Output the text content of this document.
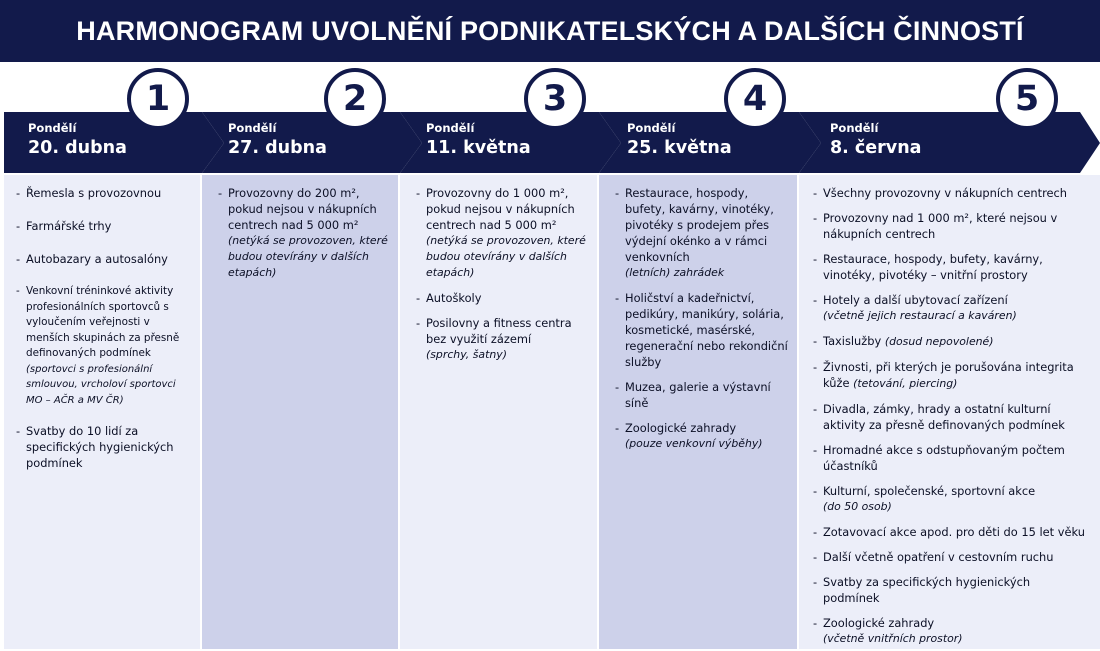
HARMONOGRAM UVOLNĚNÍ PODNIKATELSKÝCH A DALŠÍCH ČINNOSTÍ
1
Pondělí
20. dubna
- Řemesla s provozovnou
- Farmářské trhy
- Autobazary a autosalóny
- Venkovní tréninkové aktivity profesionálních sportovců s vyloučením veřejnosti v menších skupinách za přesně definovaných podmínek
(sportovci s profesionální smlouvou, vrcholoví sportovci MO – AČR a MV ČR)
- Svatby do 10 lidí za specifických hygienických podmínek
2
Pondělí
27. dubna
- Provozovny do 200 m², pokud nejsou v nákupních centrech nad 5 000 m²
(netýká se provozoven, které budou otevírány v dalších etapách)
3
Pondělí
11. května
- Provozovny do 1 000 m², pokud nejsou v nákupních centrech nad 5 000 m²
(netýká se provozoven, které budou otevírány v dalších etapách)
- Autoškoly
- Posilovny a fitness centra bez využití zázemí
(sprchy, šatny)
4
Pondělí
25. května
- Restaurace, hospody, bufety, kavárny, vinotéky, pivotéky s prodejem přes výdejní okénko a v rámci venkovních
(letních) zahrádek
- Holičství a kadeřnictví, pedikúry, manikúry, solária, kosmetické, masérské, regenerační nebo rekondiční služby
- Muzea, galerie a výstavní síně
- Zoologické zahrady
(pouze venkovní výběhy)
5
Pondělí
8. června
- Všechny provozovny v nákupních centrech
- Provozovny nad 1 000 m², které nejsou v nákupních centrech
- Restaurace, hospody, bufety, kavárny, vinotéky, pivotéky – vnitřní prostory
- Hotely a další ubytovací zařízení
(včetně jejich restaurací a kaváren)
- Taxislužby (dosud nepovolené)
- Živnosti, při kterých je porušována integrita kůže (tetování, piercing)
- Divadla, zámky, hrady a ostatní kulturní aktivity za přesně definovaných podmínek
- Hromadné akce s odstupňovaným počtem účastníků
- Kulturní, společenské, sportovní akce
(do 50 osob)
- Zotavovací akce apod. pro děti do 15 let věku
- Další včetně opatření v cestovním ruchu
- Svatby za specifických hygienických podmínek
- Zoologické zahrady
(včetně vnitřních prostor)
